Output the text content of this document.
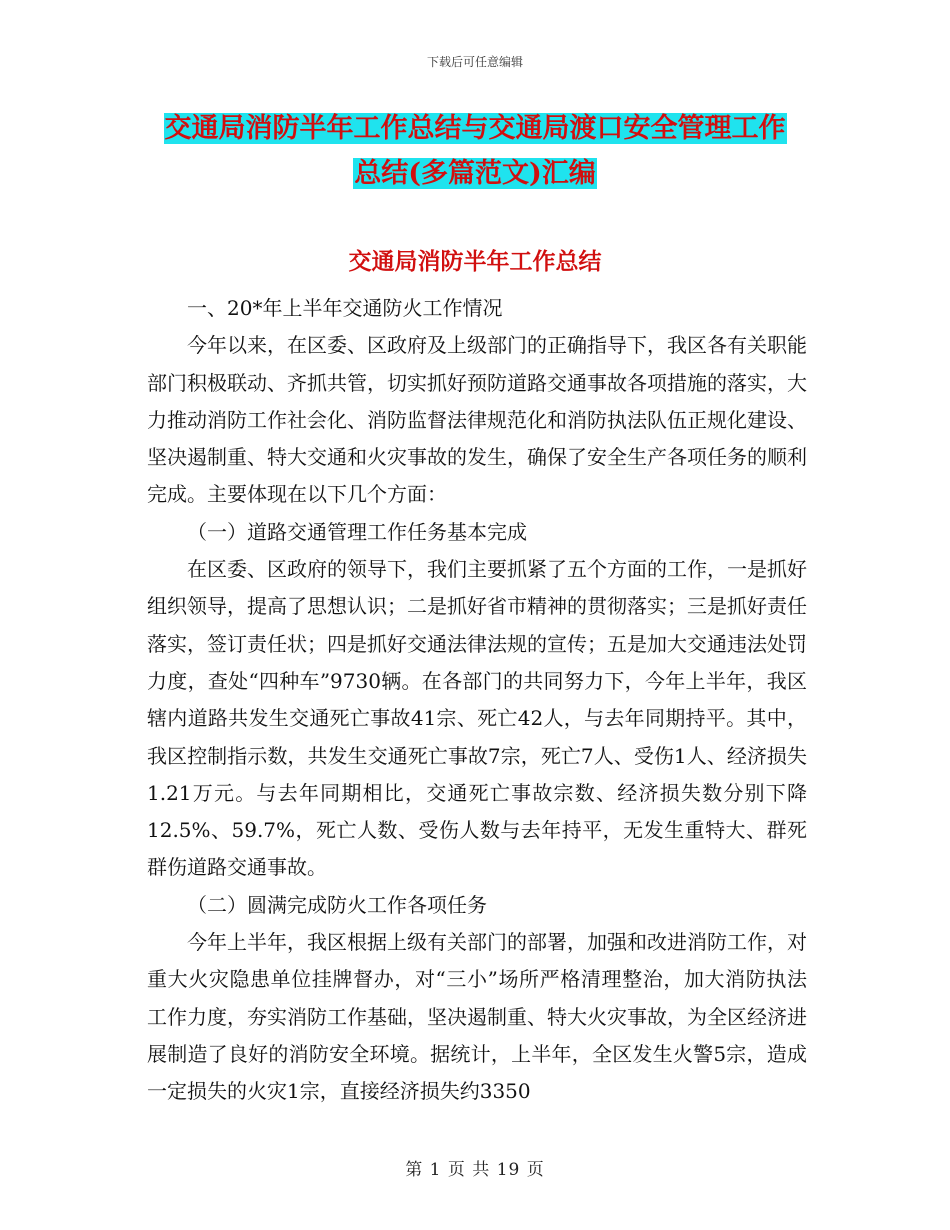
下载后可任意编辑
交通局消防半年工作总结与交通局渡口安全管理工作
总结(多篇范文)汇编
交通局消防半年工作总结

一、20*年上半年交通防火工作情况

今年以来，在区委、区政府及上级部门的正确指导下，我区各有关职能部门积极联动、齐抓共管，切实抓好预防道路交通事故各项措施的落实，大力推动消防工作社会化、消防监督法律规范化和消防执法队伍正规化建设、坚决遏制重、特大交通和火灾事故的发生，确保了安全生产各项任务的顺利完成。主要体现在以下几个方面：

（一）道路交通管理工作任务基本完成

在区委、区政府的领导下，我们主要抓紧了五个方面的工作，一是抓好组织领导，提高了思想认识；二是抓好省市精神的贯彻落实；三是抓好责任落实，签订责任状；四是抓好交通法律法规的宣传；五是加大交通违法处罚力度，查处“四种车”9730辆。在各部门的共同努力下，今年上半年，我区辖内道路共发生交通死亡事故41宗、死亡42人，与去年同期持平。其中，我区控制指示数，共发生交通死亡事故7宗，死亡7人、受伤1人、经济损失1.21万元。与去年同期相比，交通死亡事故宗数、经济损失数分别下降12.5%、59.7%，死亡人数、受伤人数与去年持平，无发生重特大、群死群伤道路交通事故。

（二）圆满完成防火工作各项任务

今年上半年，我区根据上级有关部门的部署，加强和改进消防工作，对重大火灾隐患单位挂牌督办，对“三小”场所严格清理整治，加大消防执法工作力度，夯实消防工作基础，坚决遏制重、特大火灾事故，为全区经济进展制造了良好的消防安全环境。据统计，上半年，全区发生火警5宗，造成一定损失的火灾1宗，直接经济损失约3350

第 1 页 共 19 页
